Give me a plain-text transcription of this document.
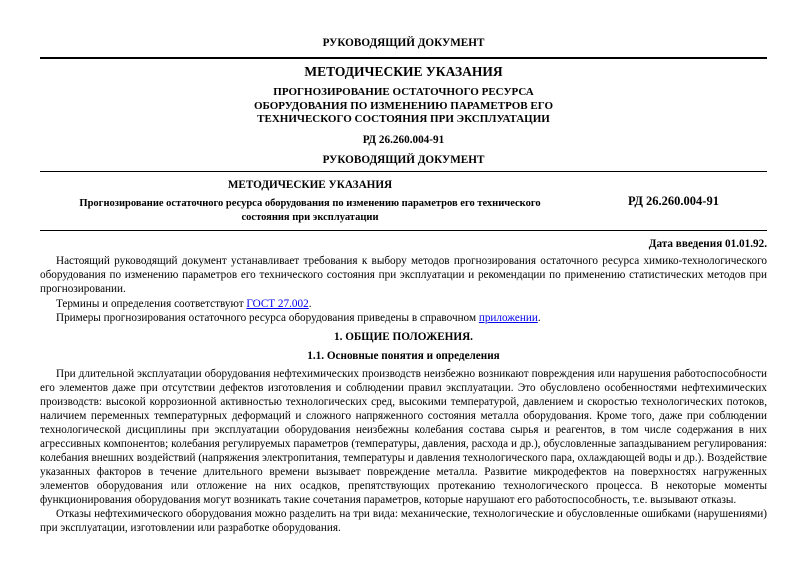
РУКОВОДЯЩИЙ ДОКУМЕНТ
МЕТОДИЧЕСКИЕ УКАЗАНИЯ
ПРОГНОЗИРОВАНИЕ ОСТАТОЧНОГО РЕСУРСА
ОБОРУДОВАНИЯ ПО ИЗМЕНЕНИЮ ПАРАМЕТРОВ ЕГО
ТЕХНИЧЕСКОГО СОСТОЯНИЯ ПРИ ЭКСПЛУАТАЦИИ
РД 26.260.004-91
РУКОВОДЯЩИЙ ДОКУМЕНТ
МЕТОДИЧЕСКИЕ УКАЗАНИЯ
Прогнозирование остаточного ресурса оборудования по изменению параметров его технического
состояния при эксплуатации
РД 26.260.004-91
Дата введения 01.01.92.

Настоящий руководящий документ устанавливает требования к выбору методов прогнозирования остаточного ресурса химико-технологического оборудования по изменению параметров его технического состояния при эксплуатации и рекомендации по применению статистических методов при прогнозировании.

Термины и определения соответствуют ГОСТ 27.002.

Примеры прогнозирования остаточного ресурса оборудования приведены в справочном приложении.

1. ОБЩИЕ ПОЛОЖЕНИЯ.
1.1. Основные понятия и определения

При длительной эксплуатации оборудования нефтехимических производств неизбежно возникают повреждения или нарушения работоспособности его элементов даже при отсутствии дефектов изготовления и соблюдении правил эксплуатации. Это обусловлено особенностями нефтехимических производств: высокой коррозионной активностью технологических сред, высокими температурой, давлением и скоростью технологических потоков, наличием переменных температурных деформаций и сложного напряженного состояния металла оборудования. Кроме того, даже при соблюдении технологической дисциплины при эксплуатации оборудования неизбежны колебания состава сырья и реагентов, в том числе содержания в них агрессивных компонентов; колебания регулируемых параметров (температуры, давления, расхода и др.), обусловленные запаздыванием регулирования: колебания внешних воздействий (напряжения электропитания, температуры и давления технологического пара, охлаждающей воды и др.). Воздействие указанных факторов в течение длительного времени вызывает повреждение металла. Развитие микродефектов на поверхностях нагруженных элементов оборудования или отложение на них осадков, препятствующих протеканию технологического процесса. В некоторые моменты функционирования оборудования могут возникать такие сочетания параметров, которые нарушают его работоспособность, т.е. вызывают отказы.

Отказы нефтехимического оборудования можно разделить на три вида: механические, технологические и обусловленные ошибками (нарушениями) при эксплуатации, изготовлении или разработке оборудования.
